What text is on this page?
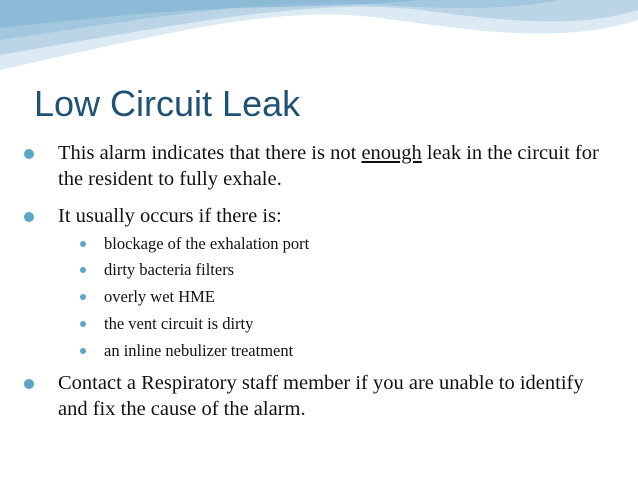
Low Circuit Leak
This alarm indicates that there is not enough leak in the circuit for the resident to fully exhale.
It usually occurs if there is:
blockage of the exhalation port
dirty bacteria filters
overly wet HME
the vent circuit is dirty
an inline nebulizer treatment
Contact a Respiratory staff member if you are unable to identify  and fix the cause of the alarm.
